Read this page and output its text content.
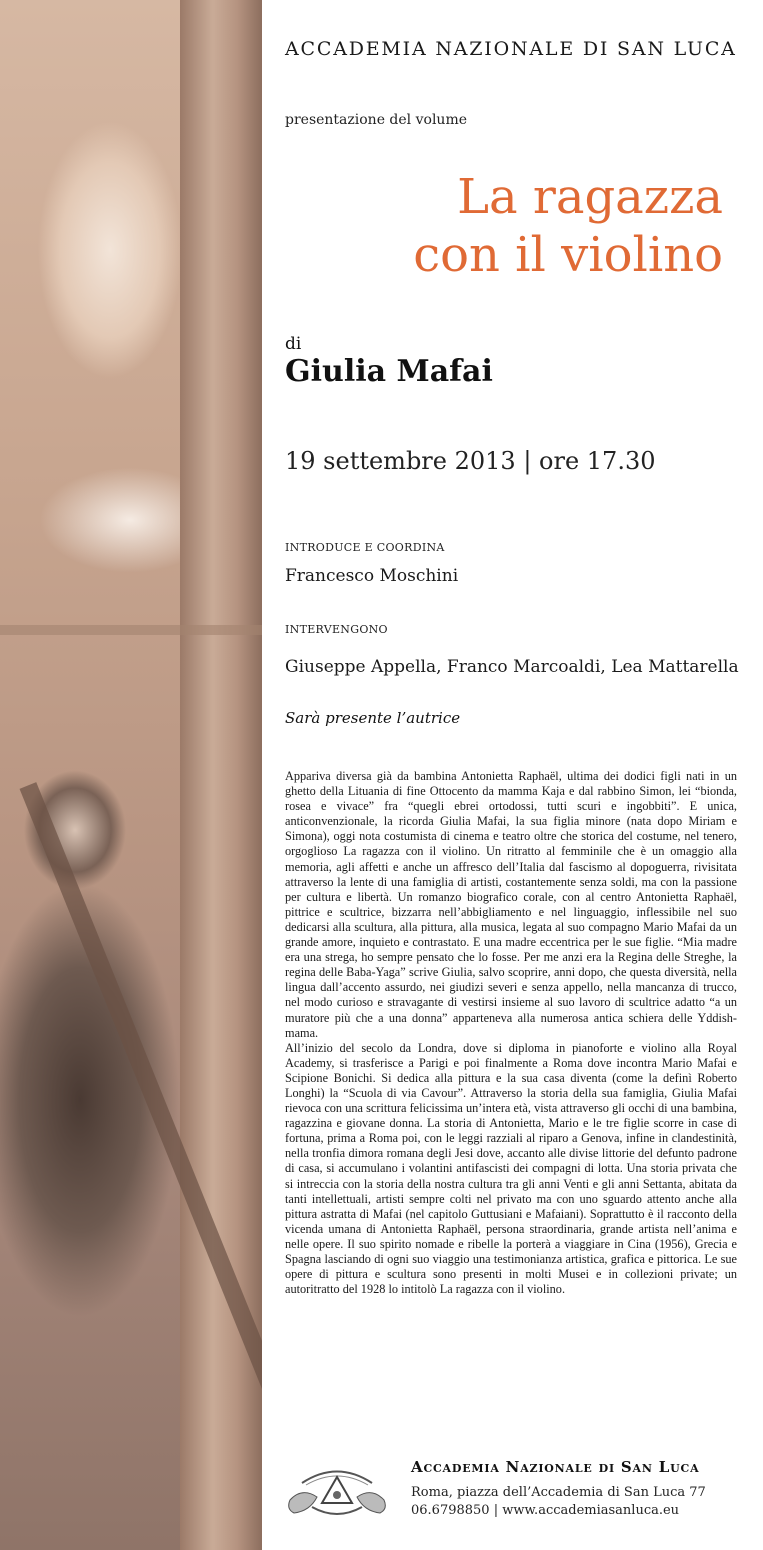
ACCADEMIA NAZIONALE DI SAN LUCA
presentazione del volume
La ragazza
con il violino
di
Giulia Mafai
19 settembre 2013 | ore 17.30
INTRODUCE E COORDINA
Francesco Moschini
INTERVENGONO
Giuseppe Appella, Franco Marcoaldi, Lea Mattarella
Sarà presente l’autrice

Appariva diversa già da bambina Antonietta Raphaël, ultima dei dodici figli nati in un ghetto della Lituania di fine Ottocento da mamma Kaja e dal rabbino Simon, lei “bionda, rosea e vivace” fra “quegli ebrei ortodossi, tutti scuri e ingobbiti”. E unica, anticonvenzionale, la ricorda Giulia Mafai, la sua figlia minore (nata dopo Miriam e Simona), oggi nota costumista di cinema e teatro oltre che storica del costume, nel tenero, orgoglioso La ragazza con il violino. Un ritratto al femminile che è un omaggio alla memoria, agli affetti e anche un affresco dell’Italia dal fascismo al dopoguerra, rivisitata attraverso la lente di una famiglia di artisti, costantemente senza soldi, ma con la passione per cultura e libertà. Un romanzo biografico corale, con al centro Antonietta Raphaël, pittrice e scultrice, bizzarra nell’abbigliamento e nel linguaggio, inflessibile nel suo dedicarsi alla scultura, alla pittura, alla musica, legata al suo compagno Mario Mafai da un grande amore, inquieto e contrastato. E una madre eccentrica per le sue figlie. “Mia madre era una strega, ho sempre pensato che lo fosse. Per me anzi era la Regina delle Streghe, la regina delle Baba-Yaga” scrive Giulia, salvo scoprire, anni dopo, che questa diversità, nella lingua dall’accento assurdo, nei giudizi severi e senza appello, nella mancanza di trucco, nel modo curioso e stravagante di vestirsi insieme al suo lavoro di scultrice adatto “a un muratore più che a una donna” apparteneva alla numerosa antica schiera delle Yddish-mama.

All’inizio del secolo da Londra, dove si diploma in pianoforte e violino alla Royal Academy, si trasferisce a Parigi e poi finalmente a Roma dove incontra Mario Mafai e Scipione Bonichi. Si dedica alla pittura e la sua casa diventa (come la definì Roberto Longhi) la “Scuola di via Cavour”. Attraverso la storia della sua famiglia, Giulia Mafai rievoca con una scrittura felicissima un’intera età, vista attraverso gli occhi di una bambina, ragazzina e giovane donna. La storia di Antonietta, Mario e le tre figlie scorre in case di fortuna, prima a Roma poi, con le leggi razziali al riparo a Genova, infine in clandestinità, nella tronfia dimora romana degli Jesi dove, accanto alle divise littorie del defunto padrone di casa, si accumulano i volantini antifascisti dei compagni di lotta. Una storia privata che si intreccia con la storia della nostra cultura tra gli anni Venti e gli anni Settanta, abitata da tanti intellettuali, artisti sempre colti nel privato ma con uno sguardo attento anche alla pittura astratta di Mafai (nel capitolo Guttusiani e Mafaiani). Soprattutto è il racconto della vicenda umana di Antonietta Raphaël, persona straordinaria, grande artista nell’anima e nelle opere. Il suo spirito nomade e ribelle la porterà a viaggiare in Cina (1956), Grecia e Spagna lasciando di ogni suo viaggio una testimonianza artistica, grafica e pittorica. Le sue opere di pittura e scultura sono presenti in molti Musei e in collezioni private; un autoritratto del 1928 lo intitolò La ragazza con il violino.

Accademia Nazionale di San Luca
Roma, piazza dell’Accademia di San Luca 77
06.6798850 | www.accademiasanluca.eu
